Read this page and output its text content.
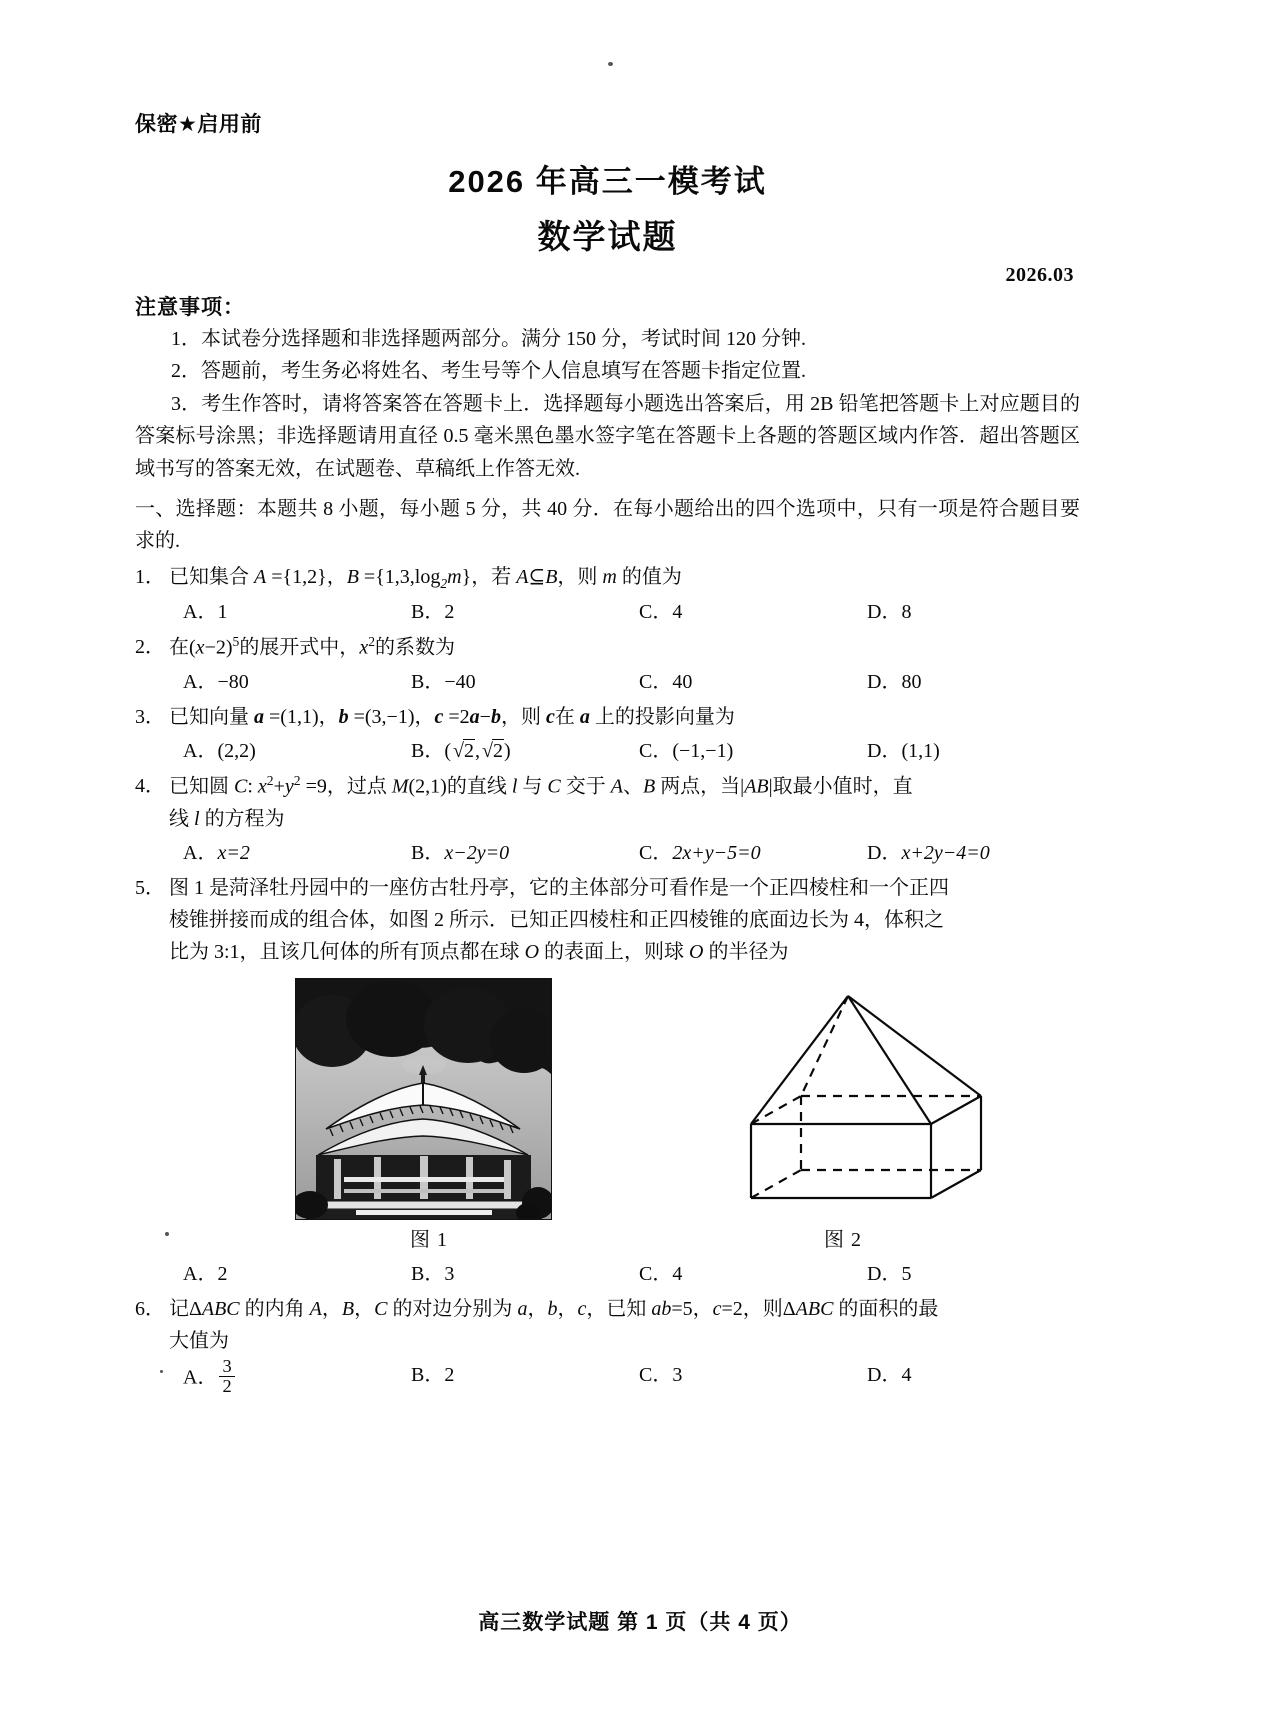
保密★启用前
2026 年高三一模考试
数学试题
2026.03
注意事项：

1．本试卷分选择题和非选择题两部分。满分 150 分，考试时间 120 分钟.

2．答题前，考生务必将姓名、考生号等个人信息填写在答题卡指定位置.

3．考生作答时，请将答案答在答题卡上．选择题每小题选出答案后，用 2B 铅笔把答题卡上对应题目的答案标号涂黑；非选择题请用直径 0.5 毫米黑色墨水签字笔在答题卡上各题的答题区域内作答．超出答题区域书写的答案无效，在试题卷、草稿纸上作答无效.

一、选择题：本题共 8 小题，每小题 5 分，共 40 分．在每小题给出的四个选项中，只有一项是符合题目要求的.
1． 已知集合 A ={1,2}，$B =\{1,3,\log_2m\}$，若 A⊆B，则 m 的值为
A．1	B．2	C．4	D．8
2． 在$(x-2)^5$的展开式中，$x^2$的系数为
A．−80	B．−40	C．40	D．80
3． 已知向量 a =(1,1)，b =(3,−1)，c =2a−b，则 c在 a 上的投影向量为
A．(2,2)	B．( √ 2, √ 2)	C．(−1,−1)	D．(1,1)
4． 已知圆 C: $x^2+y^2 =9$，过点 M(2,1)的直线 l 与 C 交于 A、B 两点，当|AB|取最小值时，直
线 l 的方程为
A．x=2	B．x−2y=0	C．2x+y−5=0	D．x+2y−4=0
5． 图 1 是菏泽牡丹园中的一座仿古牡丹亭，它的主体部分可看作是一个正四棱柱和一个正四
棱锥拼接而成的组合体，如图 2 所示．已知正四棱柱和正四棱锥的底面边长为 4，体积之
比为 3:1，且该几何体的所有顶点都在球 O 的表面上，则球 O 的半径为
图 1	图 2
A．2	B．3	C．4	D．5
6． 记ΔABC 的内角 A，B，C 的对边分别为 a，b，c，已知 ab=5，c=2，则ΔABC 的面积的最
大值为
A． $\frac{3}{2}$	B．2	C．3	D．4
高三数学试题 第 1 页（共 4 页）
